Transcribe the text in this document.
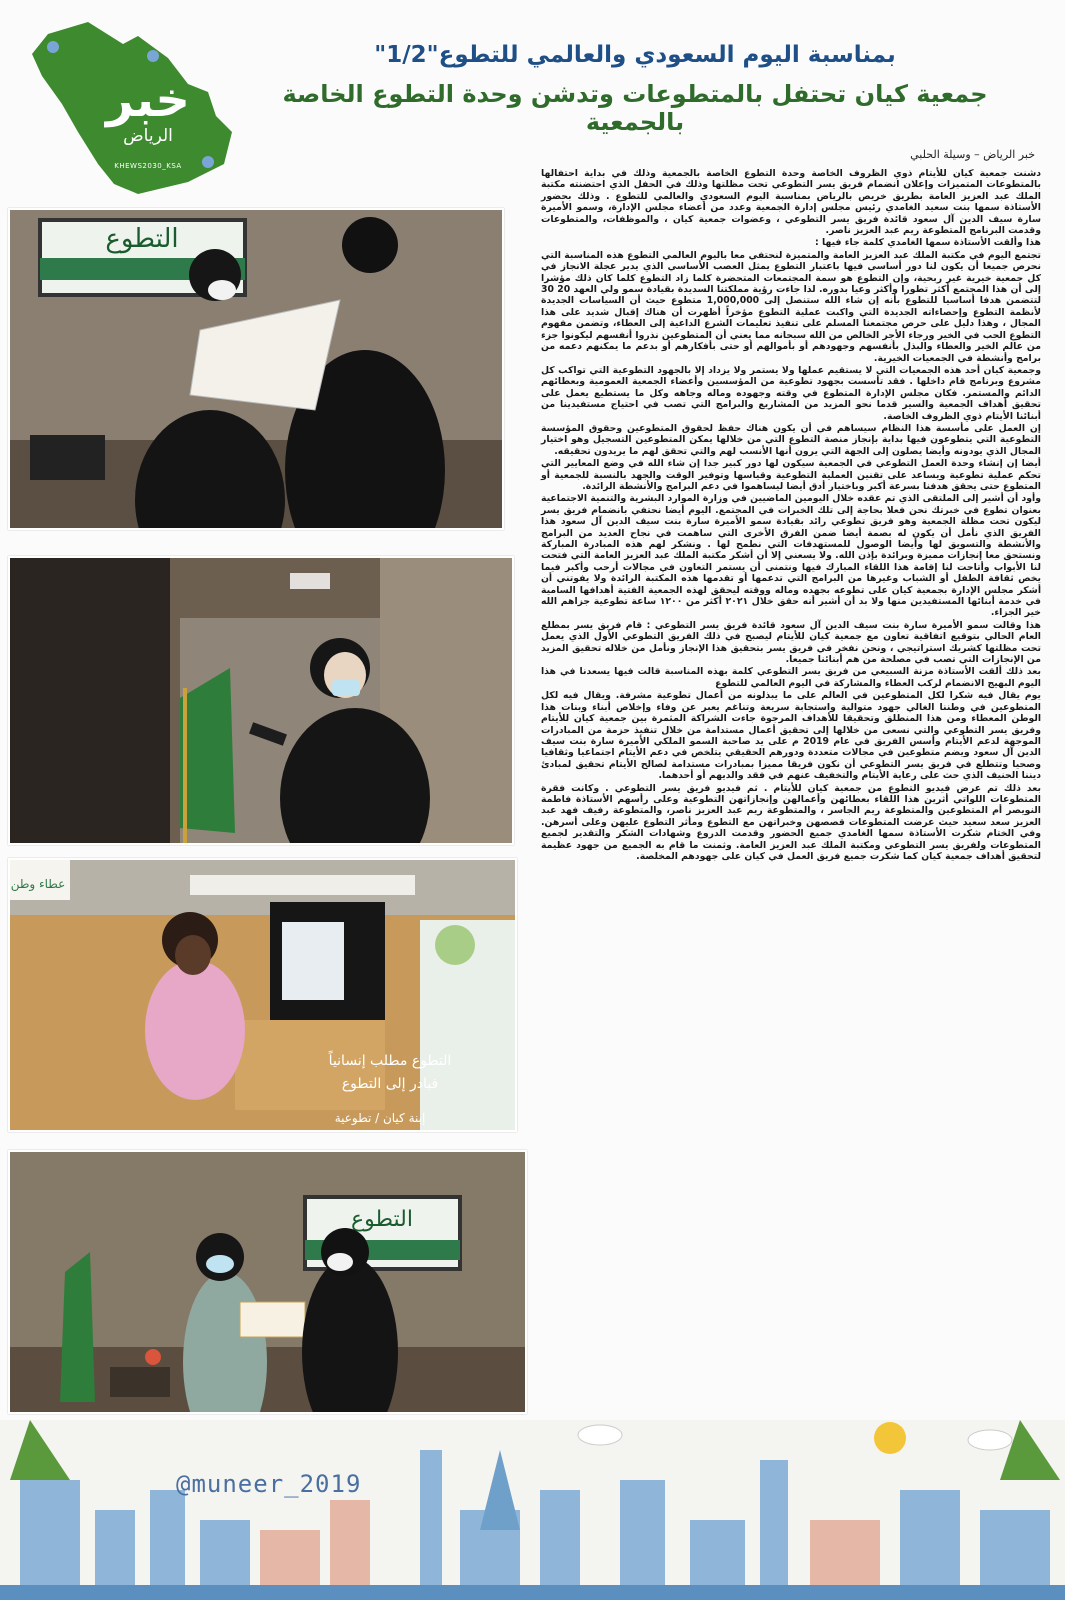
خبر
الرياض
KHEWS2030_KSA
بمناسبة اليوم السعودي والعالمي للتطوع"1/2"
جمعية كيان تحتفل بالمتطوعات وتدشن وحدة التطوع الخاصة بالجمعية
خبر الرياض – وسيلة الحلبي
التطوع
عطاء وطن
التطوع مطلب إنسانياً
فبادر إلى التطوع
إبنة كيان / تطوعية
التطوع

دشنت جمعية كيان للأيتام ذوي الظروف الخاصة وحدة التطوع الخاصة بالجمعية وذلك في بداية احتفالها بالمتطوعات المتميزات وإعلان انضمام فريق يسر التطوعي تحت مظلتها وذلك في الحفل الذي احتضنته مكتبة الملك عبد العزيز العامة بطريق خريص بالرياض بمناسبة اليوم السعودي والعالمي للتطوع . وذلك بحضور الأستاذة سمها بنت سعيد الغامدي رئيس مجلس إدارة الجمعية وعدد من أعضاء مجلس الإدارة، وسمو الأميرة سارة سيف الدين آل سعود قائدة فريق يسر التطوعي ، وعضوات جمعية كيان ، والموظفات، والمتطوعات وقدمت البرنامج المتطوعة ريم عبد العزيز ناصر.

هذا وألقت الأستاذة سمها الغامدي كلمة جاء فيها :

تجتمع اليوم في مكتبة الملك عبد العزيز العامة والمتميزة لنحتفي معا باليوم العالمي التطوع هذه المناسبة التي نحرص جميعا أن يكون لنا دور أساسي فيها باعتبار التطوع يمثل العصب الأساسي الذي يدير عجلة الانجاز في كل جمعية خيرية غير ربحية، وإن التطوع هو سمة المجتمعات المتحضرة كلما زاد التطوع كلما كان ذلك مؤشرا إلى أن هذا المجتمع أكثر تطورا وأكثر وعيا بدوره. لذا جاءت رؤية مملكتنا السديدة بقيادة سمو ولي العهد 20 30 لتتضمن هدفا أساسيا للتطوع بأنه إن شاء الله ستنصل إلى 1,000,000 متطوع حيث أن السياسات الجديدة لأنظمة التطوع وإحصاءاته الجديدة التي واكبت عملية التطوع مؤخراً أظهرت أن هناك إقبال شديد على هذا المجال ، وهذا دليل على حرص مجتمعنا المسلم على تنفيذ تعليمات الشرع الداعية إلى العطاء، وتضمن مفهوم التطوع الحب في الخير ورجاء الأجر الخالص من الله سبحانه مما يعني أن المتطوعين نذروا أنفسهم ليكونوا جزء من عالم الخير والعطاء والبذل بأنفسهم وجهودهم أو بأموالهم أو حتى بأفكارهم أو بدعم ما يمكنهم دعمه من برامج وأنشطة في الجمعيات الخيرية.

وجمعية كيان أحد هذه الجمعيات التي لا يستقيم عملها ولا يستمر ولا يزداد إلا بالجهود التطوعية التي تواكب كل مشروع وبرنامج قام داخلها . فقد تأسست بجهود تطوعية من المؤسسين وأعضاء الجمعية العمومية وبعطائهم الدائم والمستمر. فكان مجلس الإدارة المتطوع في وقته وجهوده وماله وجاهه وكل ما يستطيع يعمل على تحقيق أهداف الجمعية والسير قدما نحو المزيد من المشاريع والبرامج التي تصب في احتياج مستفيدينا من أبنائنا الأيتام ذوي الظروف الخاصة.

إن العمل على مأسسة هذا النظام سيساهم في أن يكون هناك حفظ لحقوق المتطوعين وحقوق المؤسسة التطوعية التي يتطوعون فيها بداية بإنجاز منصة التطوع التي من خلالها يمكن المتطوعين التسجيل وهو اختيار المجال الذي يودونه وأيضا يصلون إلى الجهة التي يرون أنها الأنسب لهم والتي تحقق لهم ما يريدون تحقيقه.

أيضا إن إنشاء وحدة العمل التطوعي في الجمعية سيكون لها دور كبير جدا إن شاء الله في وضع المعايير التي تحكم عملية تطوعية ويساعد على تقنين العملية التطوعية وقياسها وتوفير الوقت والجهد بالنسبة للجمعية أو المتطوع حتى يحقق هدفنا بسرعة أكبر وباختيار أدق أيضا ليساهموا في دعم البرامج والأنشطة الرائدة.

وأود أن أشير إلى الملتقى الذي تم عقده خلال اليومين الماضيين في وزارة الموارد البشرية والتنمية الاجتماعية بعنوان تطوع في خبرتك نحن فعلا بحاجة إلى تلك الخبرات في المجتمع. اليوم أيضا نحتفي بانضمام فريق يسر ليكون تحت مظلة الجمعية وهو فريق تطوعي رائد بقيادة سمو الأميرة سارة بنت سيف الدين آل سعود هذا الفريق الذي نأمل أن يكون له بصمة أيضا ضمن الفرق الأخرى التي ساهمت في نجاح العديد من البرامج والأنشطة والتسويق لها وأيضا الوصول للمستهدفات التي نطمح لها . ونشكر لهم هذه المبادرة المباركة ونستحق معا إنجازات مميزة وبرائدة بإذن الله. ولا يسعني إلا أن أشكر مكتبة الملك عبد العزيز العامة التي فتحت لنا الأبواب وأتاحت لنا إقامة هذا اللقاء المبارك فيها ونتمنى أن يستمر التعاون في مجالات أرحب وأكبر فيما يخص ثقافة الطفل أو الشباب وغيرها من البرامج التي تدعمها أو تقدمها هذه المكتبة الرائدة ولا يفوتني أن أشكر مجلس الإدارة بجمعية كيان على تطوعه بجهده وماله ووقته ليحقق لهذه الجمعية الفتية أهدافها السامية في خدمة أبنائها المستفيدين منها ولا بد أن أشير أنه حقق خلال ٢٠٢١ أكثر من ١٢٠٠ ساعة تطوعية جزاهم الله خير الجزاء.

هذا وقالت سمو الأميرة سارة بنت سيف الدين آل سعود قائدة فريق يسر التطوعي : قام فريق يسر بمطلع العام الحالي بتوقيع اتفاقية تعاون مع جمعية كيان للأيتام ليصبح في ذلك الفريق التطوعي الأول الذي يعمل تحت مظلتها كشريك استراتيجي ، ونحن نفخر في فريق يسر بتحقيق هذا الإنجاز ونأمل من خلاله تحقيق المزيد من الإنجازات التي تصب في مصلحة من هم أبنائنا جميعا.

بعد ذلك ألقت الأستاذة مزنة السبيعي من فريق يسر التطوعي كلمة بهذه المناسبة قالت فيها يسعدنا في هذا اليوم البهيج الانضمام لركب العطاء والمشاركة في اليوم العالمي للتطوع

يوم يقال فيه شكرا لكل المتطوعين في العالم على ما يبذلونه من أعمال تطوعية مشرفة. ويقال فيه لكل المتطوعين في وطننا الغالي جهود متوالية واستجابة سريعة وتناغم يعبر عن وفاء وإخلاص أبناء وبنات هذا الوطن المعطاء ومن هذا المنطلق وتحقيقا للأهداف المرجوة جاءت الشراكة المثمرة بين جمعية كيان للأيتام وفريق يسر التطوعي والتي نسعى من خلالها إلى تحقيق أعمال مستدامة من خلال تنفيذ حزمة من المبادرات الموجهة لدعم الأيتام وأسس الفريق في عام 2019 م على يد صاحبة السمو الملكي الأميرة سارة بنت سيف الدين آل سعود ويضم متطوعين في مجالات متعددة ودورهم الحقيقي يتلخص في دعم الأيتام اجتماعيا وثقافيا وصحيا وتتطلع في فريق يسر التطوعي أن نكون فريقا مميزا بمبادرات مستدامة لصالح الأيتام تحقيق لمبادئ ديننا الحنيف الذي حث على رعاية الأيتام والتخفيف عنهم في فقد والديهم أو أحدهما.

بعد ذلك تم عرض فيديو التطوع من جمعية كيان للأيتام . ثم فيديو فريق يسر التطوعي . وكانت فقرة المتطوعات اللواتي أثرين هذا اللقاء بعطائهن وأعمالهن وإنجازاتهن التطوعية وعلى رأسهم الأستاذة فاطمة النويصر أم المتطوعين والمتطوعة ريم الجاسر ، والمتطوعة ريم عبد العزيز ناصر، والمتطوعة رفيف فهد عبد العزيز سعد سعيد حيث عرضت المتطوعات قصصهن وخبراتهن مع التطوع ومأثر التطوع عليهن وعلى أسرهن. وفي الختام شكرت الأستاذة سمها الغامدي جميع الحضور وقدمت الدروع وشهادات الشكر والتقدير لجميع المتطوعات ولفريق يسر التطوعي ومكتبة الملك عبد العزيز العامة. وثمنت ما قام به الجميع من جهود عظيمة لتحقيق أهداف جمعية كيان كما شكرت جميع فريق العمل في كيان على جهودهم المخلصة.

@muneer_2019
